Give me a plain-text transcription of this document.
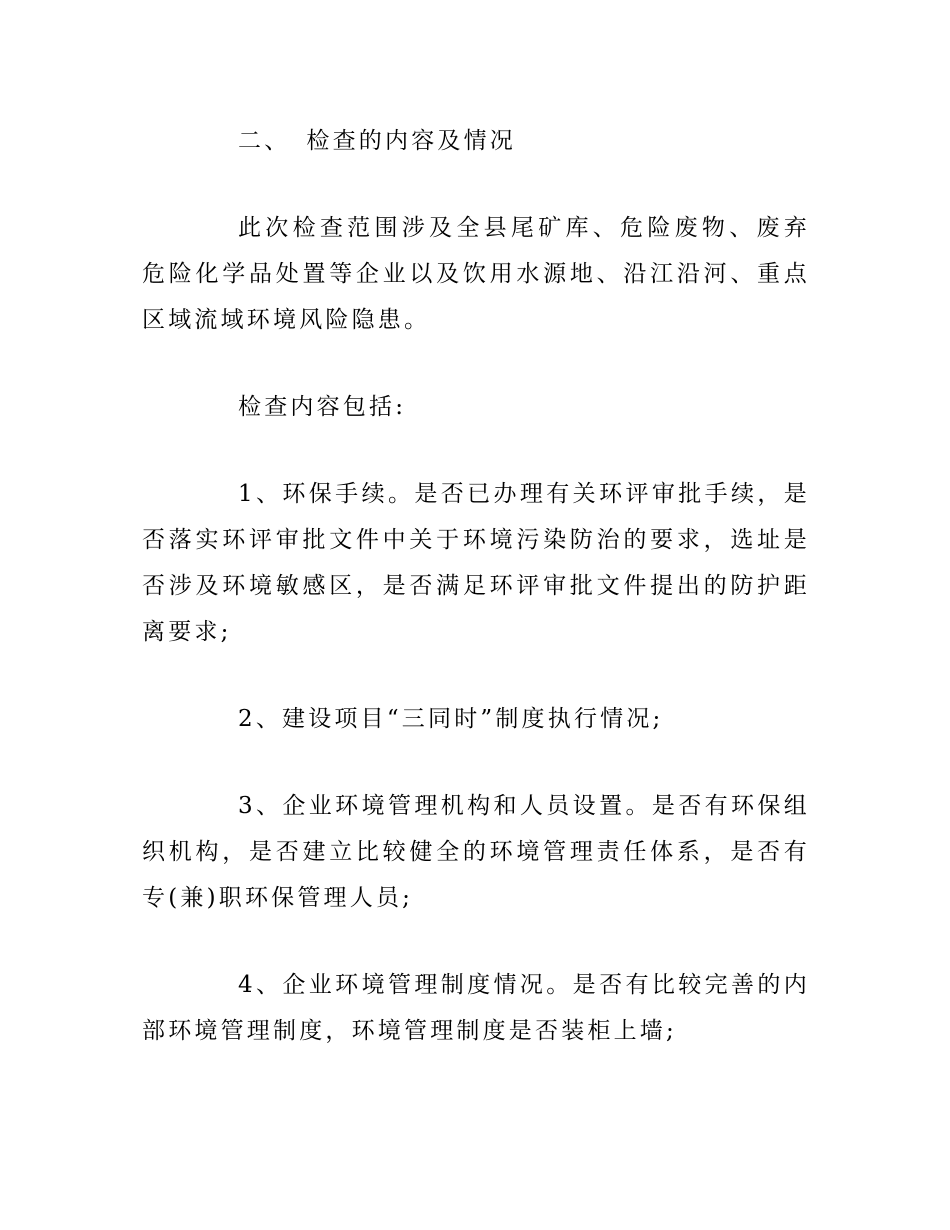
二、 检查的内容及情况

此次检查范围涉及全县尾矿库、危险废物、废弃危险化学品处置等企业以及饮用水源地、沿江沿河、重点区域流域环境风险隐患。

检查内容包括:

1、环保手续。是否已办理有关环评审批手续，是否落实环评审批文件中关于环境污染防治的要求，选址是否涉及环境敏感区，是否满足环评审批文件提出的防护距离要求;

2、建设项目“三同时”制度执行情况;

3、企业环境管理机构和人员设置。是否有环保组织机构，是否建立比较健全的环境管理责任体系，是否有专(兼)职环保管理人员;

4、企业环境管理制度情况。是否有比较完善的内部环境管理制度，环境管理制度是否装柜上墙;
